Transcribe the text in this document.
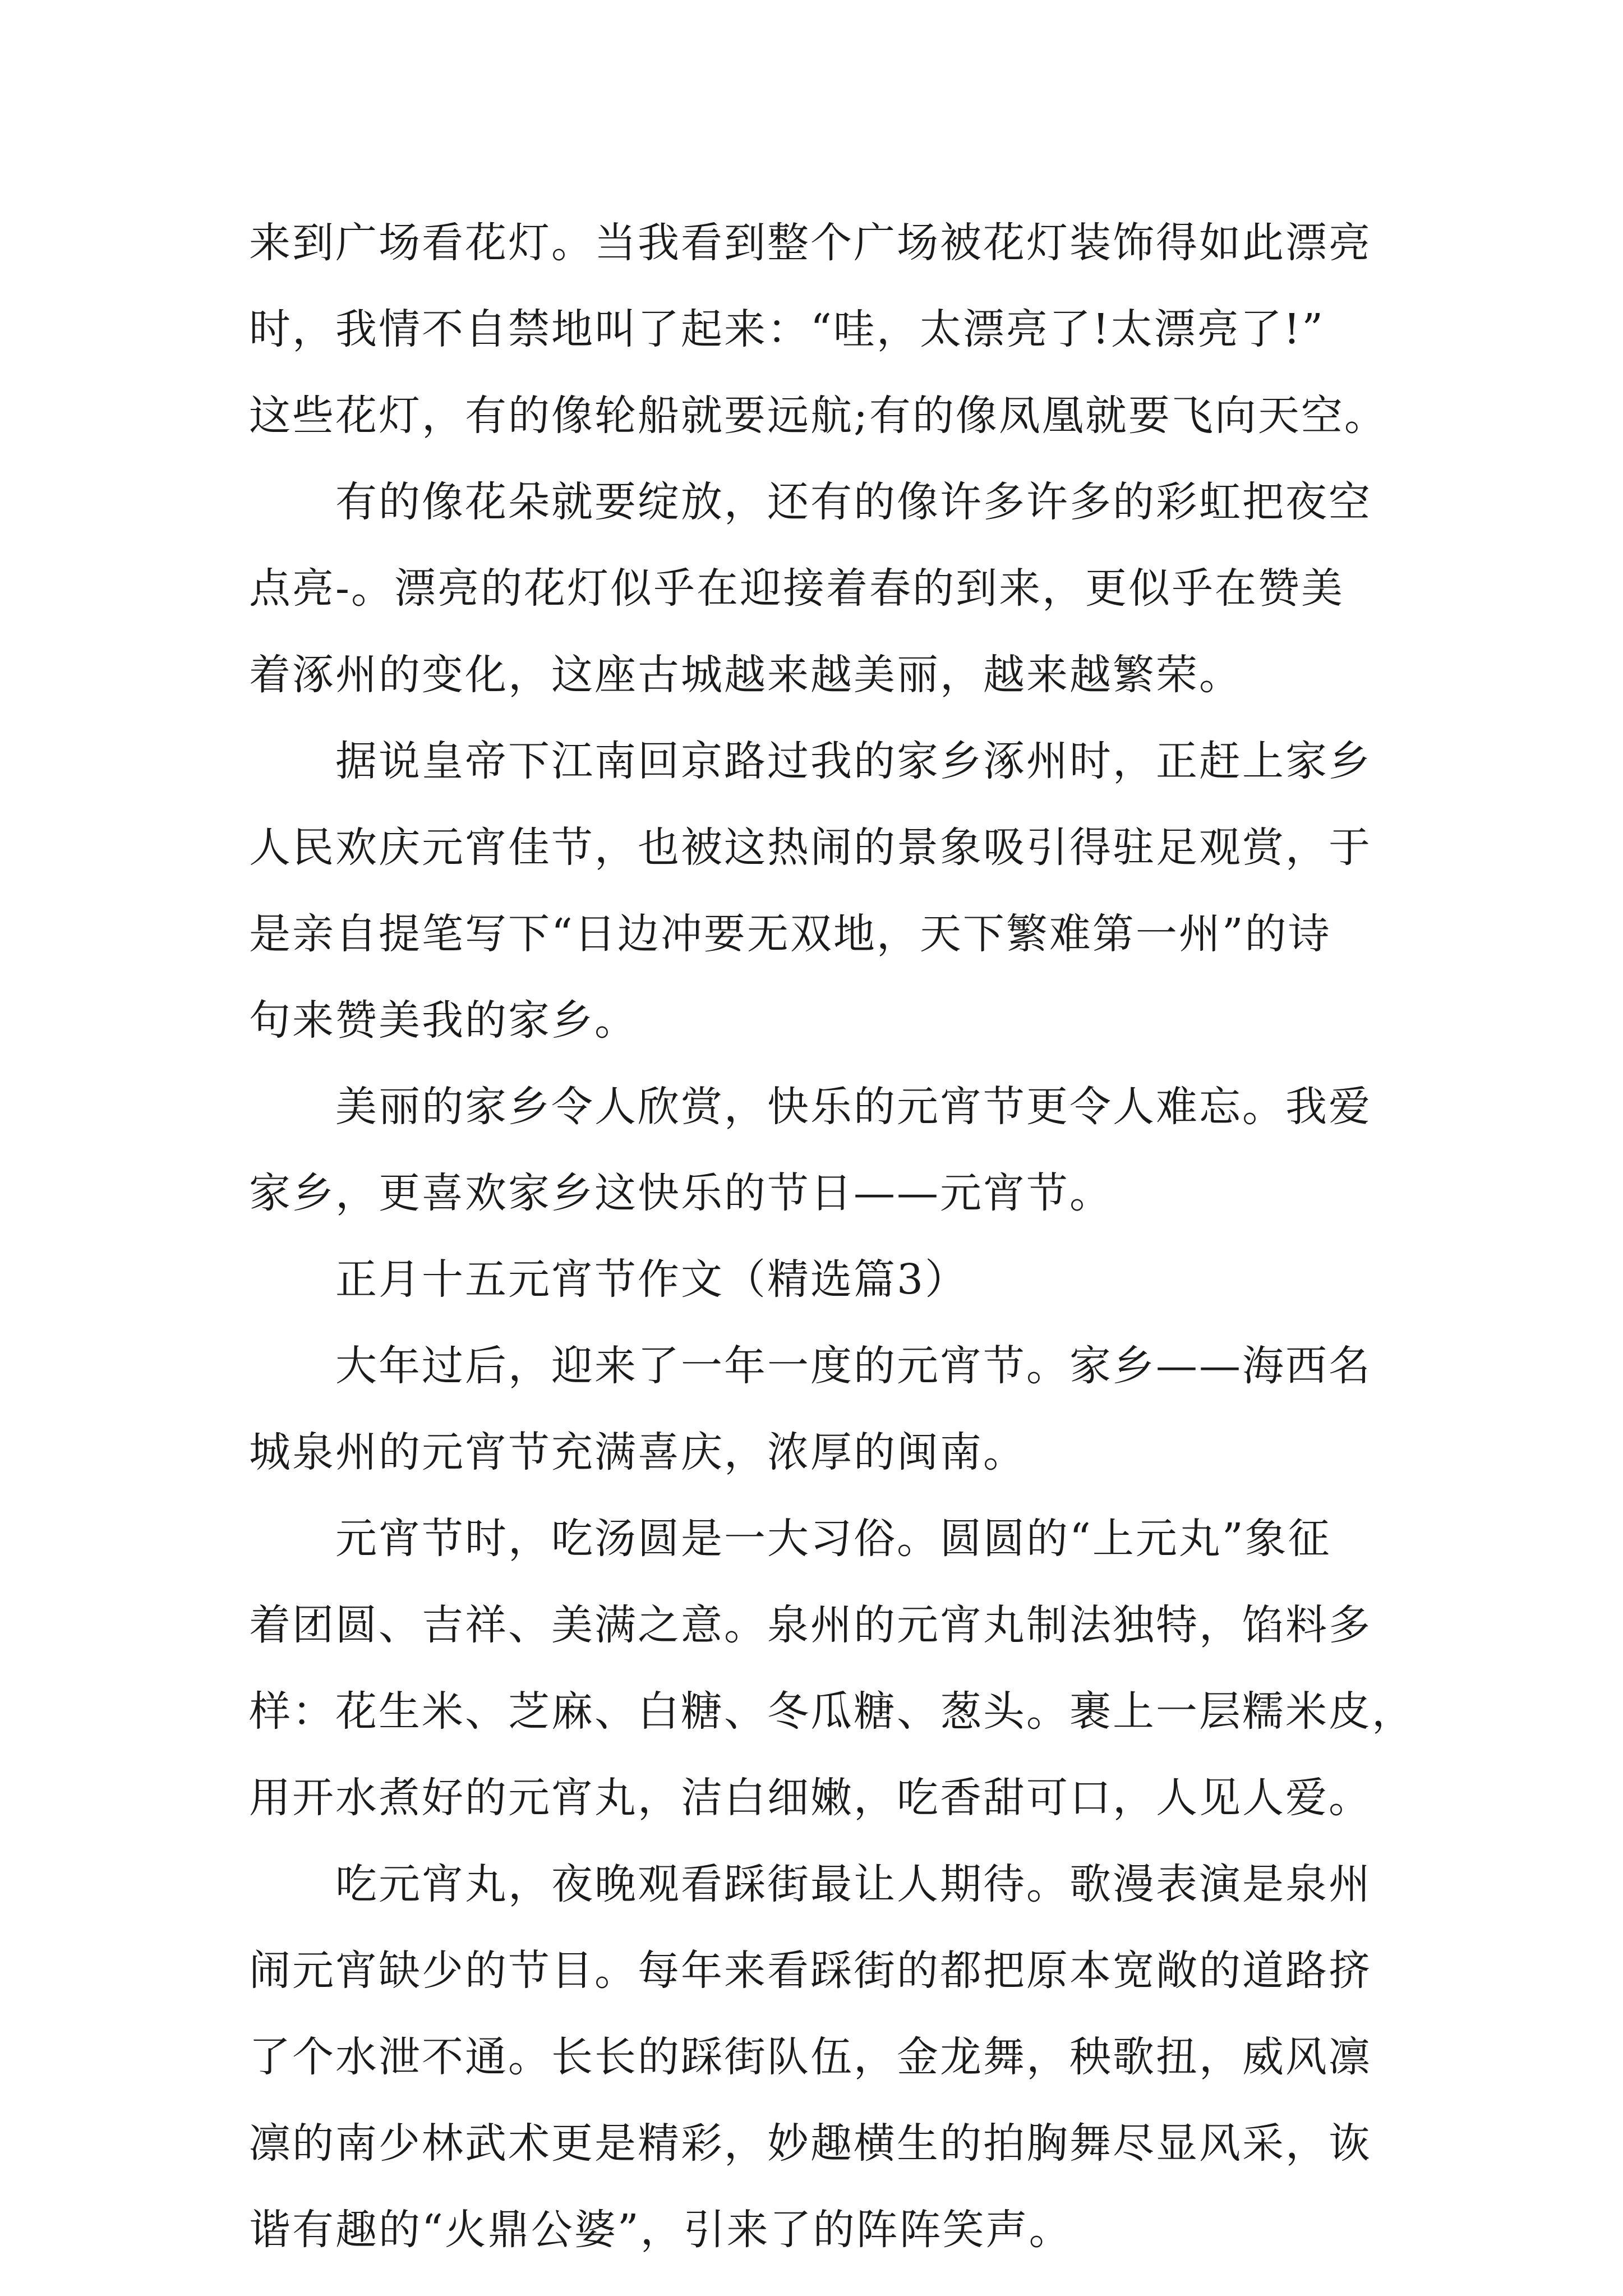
来到广场看花灯。当我看到整个广场被花灯装饰得如此漂亮
时，我情不自禁地叫了起来：“哇，太漂亮了!太漂亮了!”
这些花灯，有的像轮船就要远航;有的像凤凰就要飞向天空。

有的像花朵就要绽放，还有的像许多许多的彩虹把夜空
点亮-。漂亮的花灯似乎在迎接着春的到来，更似乎在赞美
着涿州的变化，这座古城越来越美丽，越来越繁荣。

据说皇帝下江南回京路过我的家乡涿州时，正赶上家乡
人民欢庆元宵佳节，也被这热闹的景象吸引得驻足观赏，于
是亲自提笔写下“日边冲要无双地，天下繁难第一州”的诗
句来赞美我的家乡。

美丽的家乡令人欣赏，快乐的元宵节更令人难忘。我爱
家乡，更喜欢家乡这快乐的节日——元宵节。

正月十五元宵节作文（精选篇3）

大年过后，迎来了一年一度的元宵节。家乡——海西名
城泉州的元宵节充满喜庆，浓厚的闽南。

元宵节时，吃汤圆是一大习俗。圆圆的“上元丸”象征
着团圆、吉祥、美满之意。泉州的元宵丸制法独特，馅料多
样：花生米、芝麻、白糖、冬瓜糖、葱头。裹上一层糯米皮，
用开水煮好的元宵丸，洁白细嫩，吃香甜可口，人见人爱。

吃元宵丸，夜晚观看踩街最让人期待。歌漫表演是泉州
闹元宵缺少的节目。每年来看踩街的都把原本宽敞的道路挤
了个水泄不通。长长的踩街队伍，金龙舞，秧歌扭，威风凛
凛的南少林武术更是精彩，妙趣横生的拍胸舞尽显风采，诙
谐有趣的“火鼎公婆”，引来了的阵阵笑声。
